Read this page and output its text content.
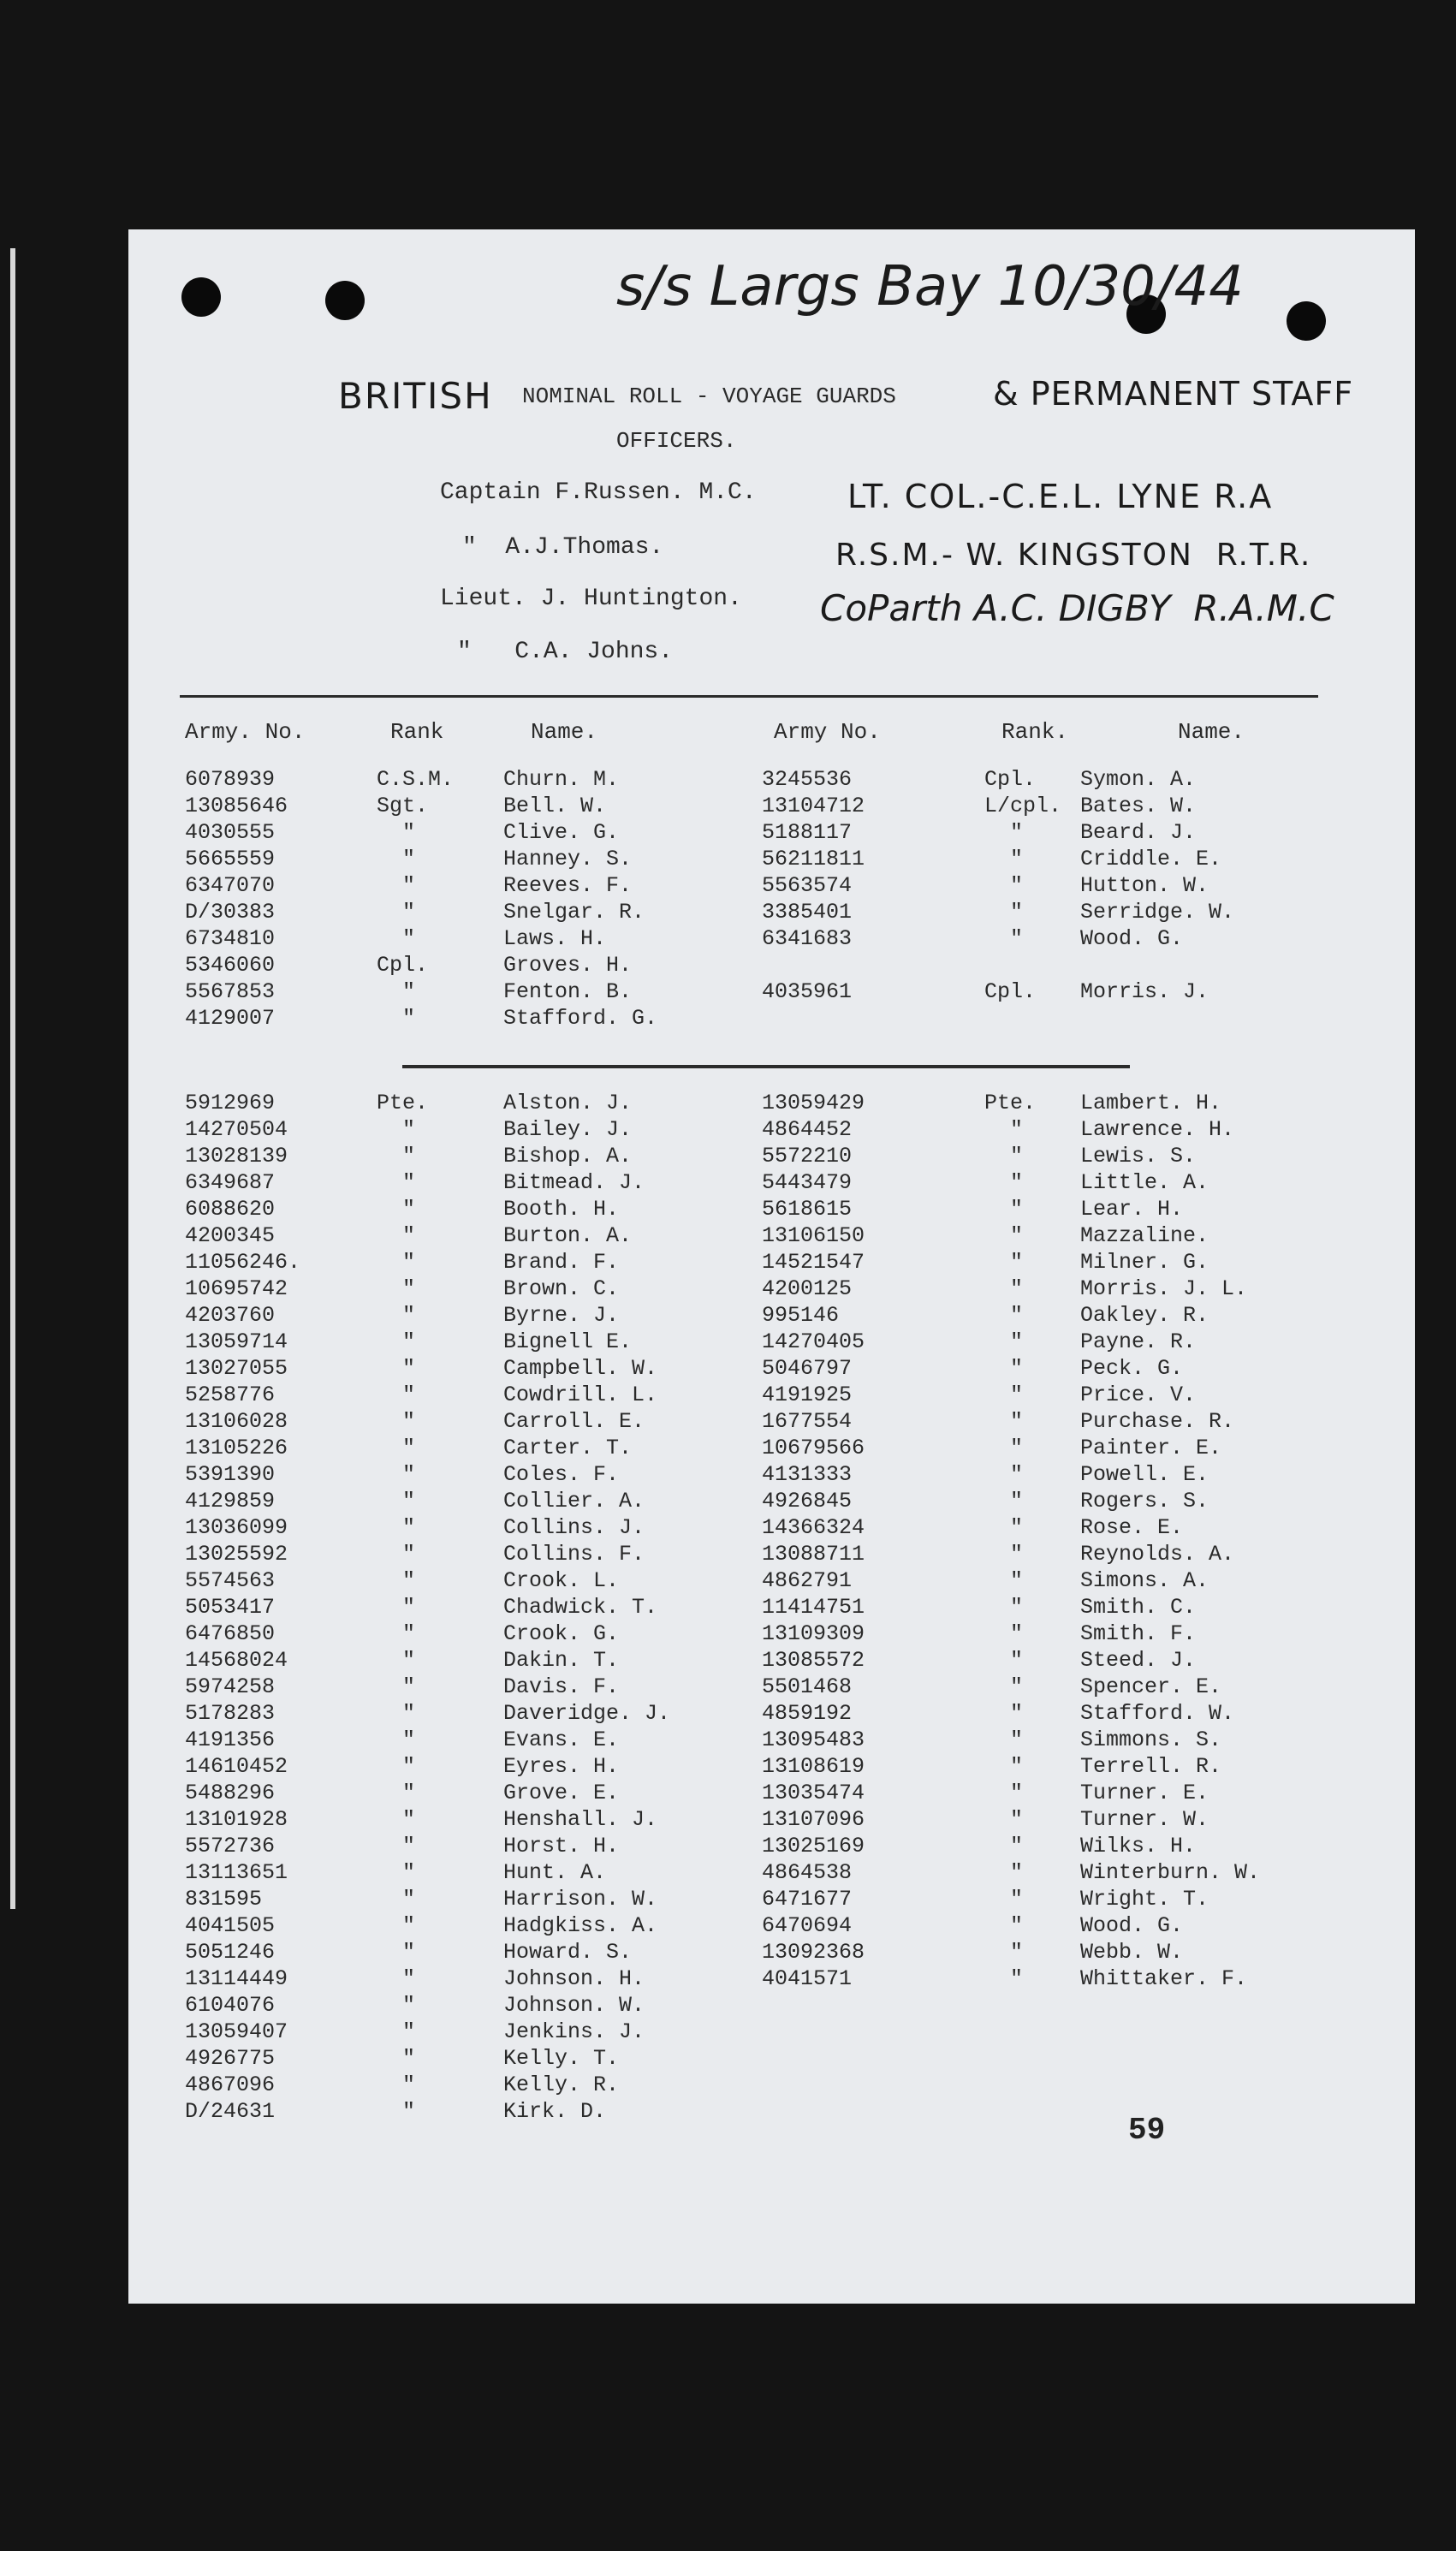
s/s Largs Bay 10/30/44
BRITISH NOMINAL ROLL - VOYAGE GUARDS	& PERMANENT STAFF
OFFICERS.
Captain F.Russen. M.C.
"  A.J.Thomas.
Lieut. J. Huntington.
"   C.A. Johns.
LT. COL.-C.E.L. LYNE R.A
R.S.M.- W. KINGSTON  R.T.R.
CoParth A.C. DIGBY  R.A.M.C
Army. No.	Rank	Name.	Army No.	Rank.	Name.
6078939	C.S.M. Churn. M.	3245536	Cpl. Symon. A.
13085646	Sgt.	Bell. W.	13104712	L/cpl. Bates. W.
4030555	"	Clive. G.	5188117	"	Beard. J.
5665559	"	Hanney. S.	56211811	"	Criddle. E.
6347070	"	Reeves. F.	5563574	"	Hutton. W.
D/30383	"	Snelgar. R.	3385401	"	Serridge. W.
6734810	"	Laws. H.	6341683	"	Wood. G.
5346060	Cpl.	Groves. H.
5567853	"	Fenton. B.	4035961	Cpl. Morris. J.
4129007	"	Stafford. G.
5912969	Pte.	Alston. J.	13059429	Pte. Lambert. H.
14270504	"	Bailey. J.	4864452	"	Lawrence. H.
13028139	"	Bishop. A.	5572210	"	Lewis. S.
6349687	"	Bitmead. J.	5443479	"	Little. A.
6088620	"	Booth. H.	5618615	"	Lear. H.
4200345	"	Burton. A.	13106150	"	Mazzaline.
11056246.	"	Brand. F.	14521547	"	Milner. G.
10695742	"	Brown. C.	4200125	"	Morris. J. L.
4203760	"	Byrne. J.	995146	"	Oakley. R.
13059714	"	Bignell E.	14270405	"	Payne. R.
13027055	"	Campbell. W.	5046797	"	Peck. G.
5258776	"	Cowdrill. L.	4191925	"	Price. V.
13106028	"	Carroll. E.	1677554	"	Purchase. R.
13105226	"	Carter. T.	10679566	"	Painter. E.
5391390	"	Coles. F.	4131333	"	Powell. E.
4129859	"	Collier. A.	4926845	"	Rogers. S.
13036099	"	Collins. J.	14366324	"	Rose. E.
13025592	"	Collins. F.	13088711	"	Reynolds. A.
5574563	"	Crook. L.	4862791	"	Simons. A.
5053417	"	Chadwick. T.	11414751	"	Smith. C.
6476850	"	Crook. G.	13109309	"	Smith. F.
14568024	"	Dakin. T.	13085572	"	Steed. J.
5974258	"	Davis. F.	5501468	"	Spencer. E.
5178283	"	Daveridge. J.	4859192	"	Stafford. W.
4191356	"	Evans. E.	13095483	"	Simmons. S.
14610452	"	Eyres. H.	13108619	"	Terrell. R.
5488296	"	Grove. E.	13035474	"	Turner. E.
13101928	"	Henshall. J.	13107096	"	Turner. W.
5572736	"	Horst. H.	13025169	"	Wilks. H.
13113651	"	Hunt. A.	4864538	"	Winterburn. W.
831595	"	Harrison. W.	6471677	"	Wright. T.
4041505	"	Hadgkiss. A.	6470694	"	Wood. G.
5051246	"	Howard. S.	13092368	"	Webb. W.
13114449	"	Johnson. H.	4041571	"	Whittaker. F.
6104076	"	Johnson. W.
13059407	"	Jenkins. J.
4926775	"	Kelly. T.
4867096	"	Kelly. R.
D/24631	"	Kirk. D.
59
